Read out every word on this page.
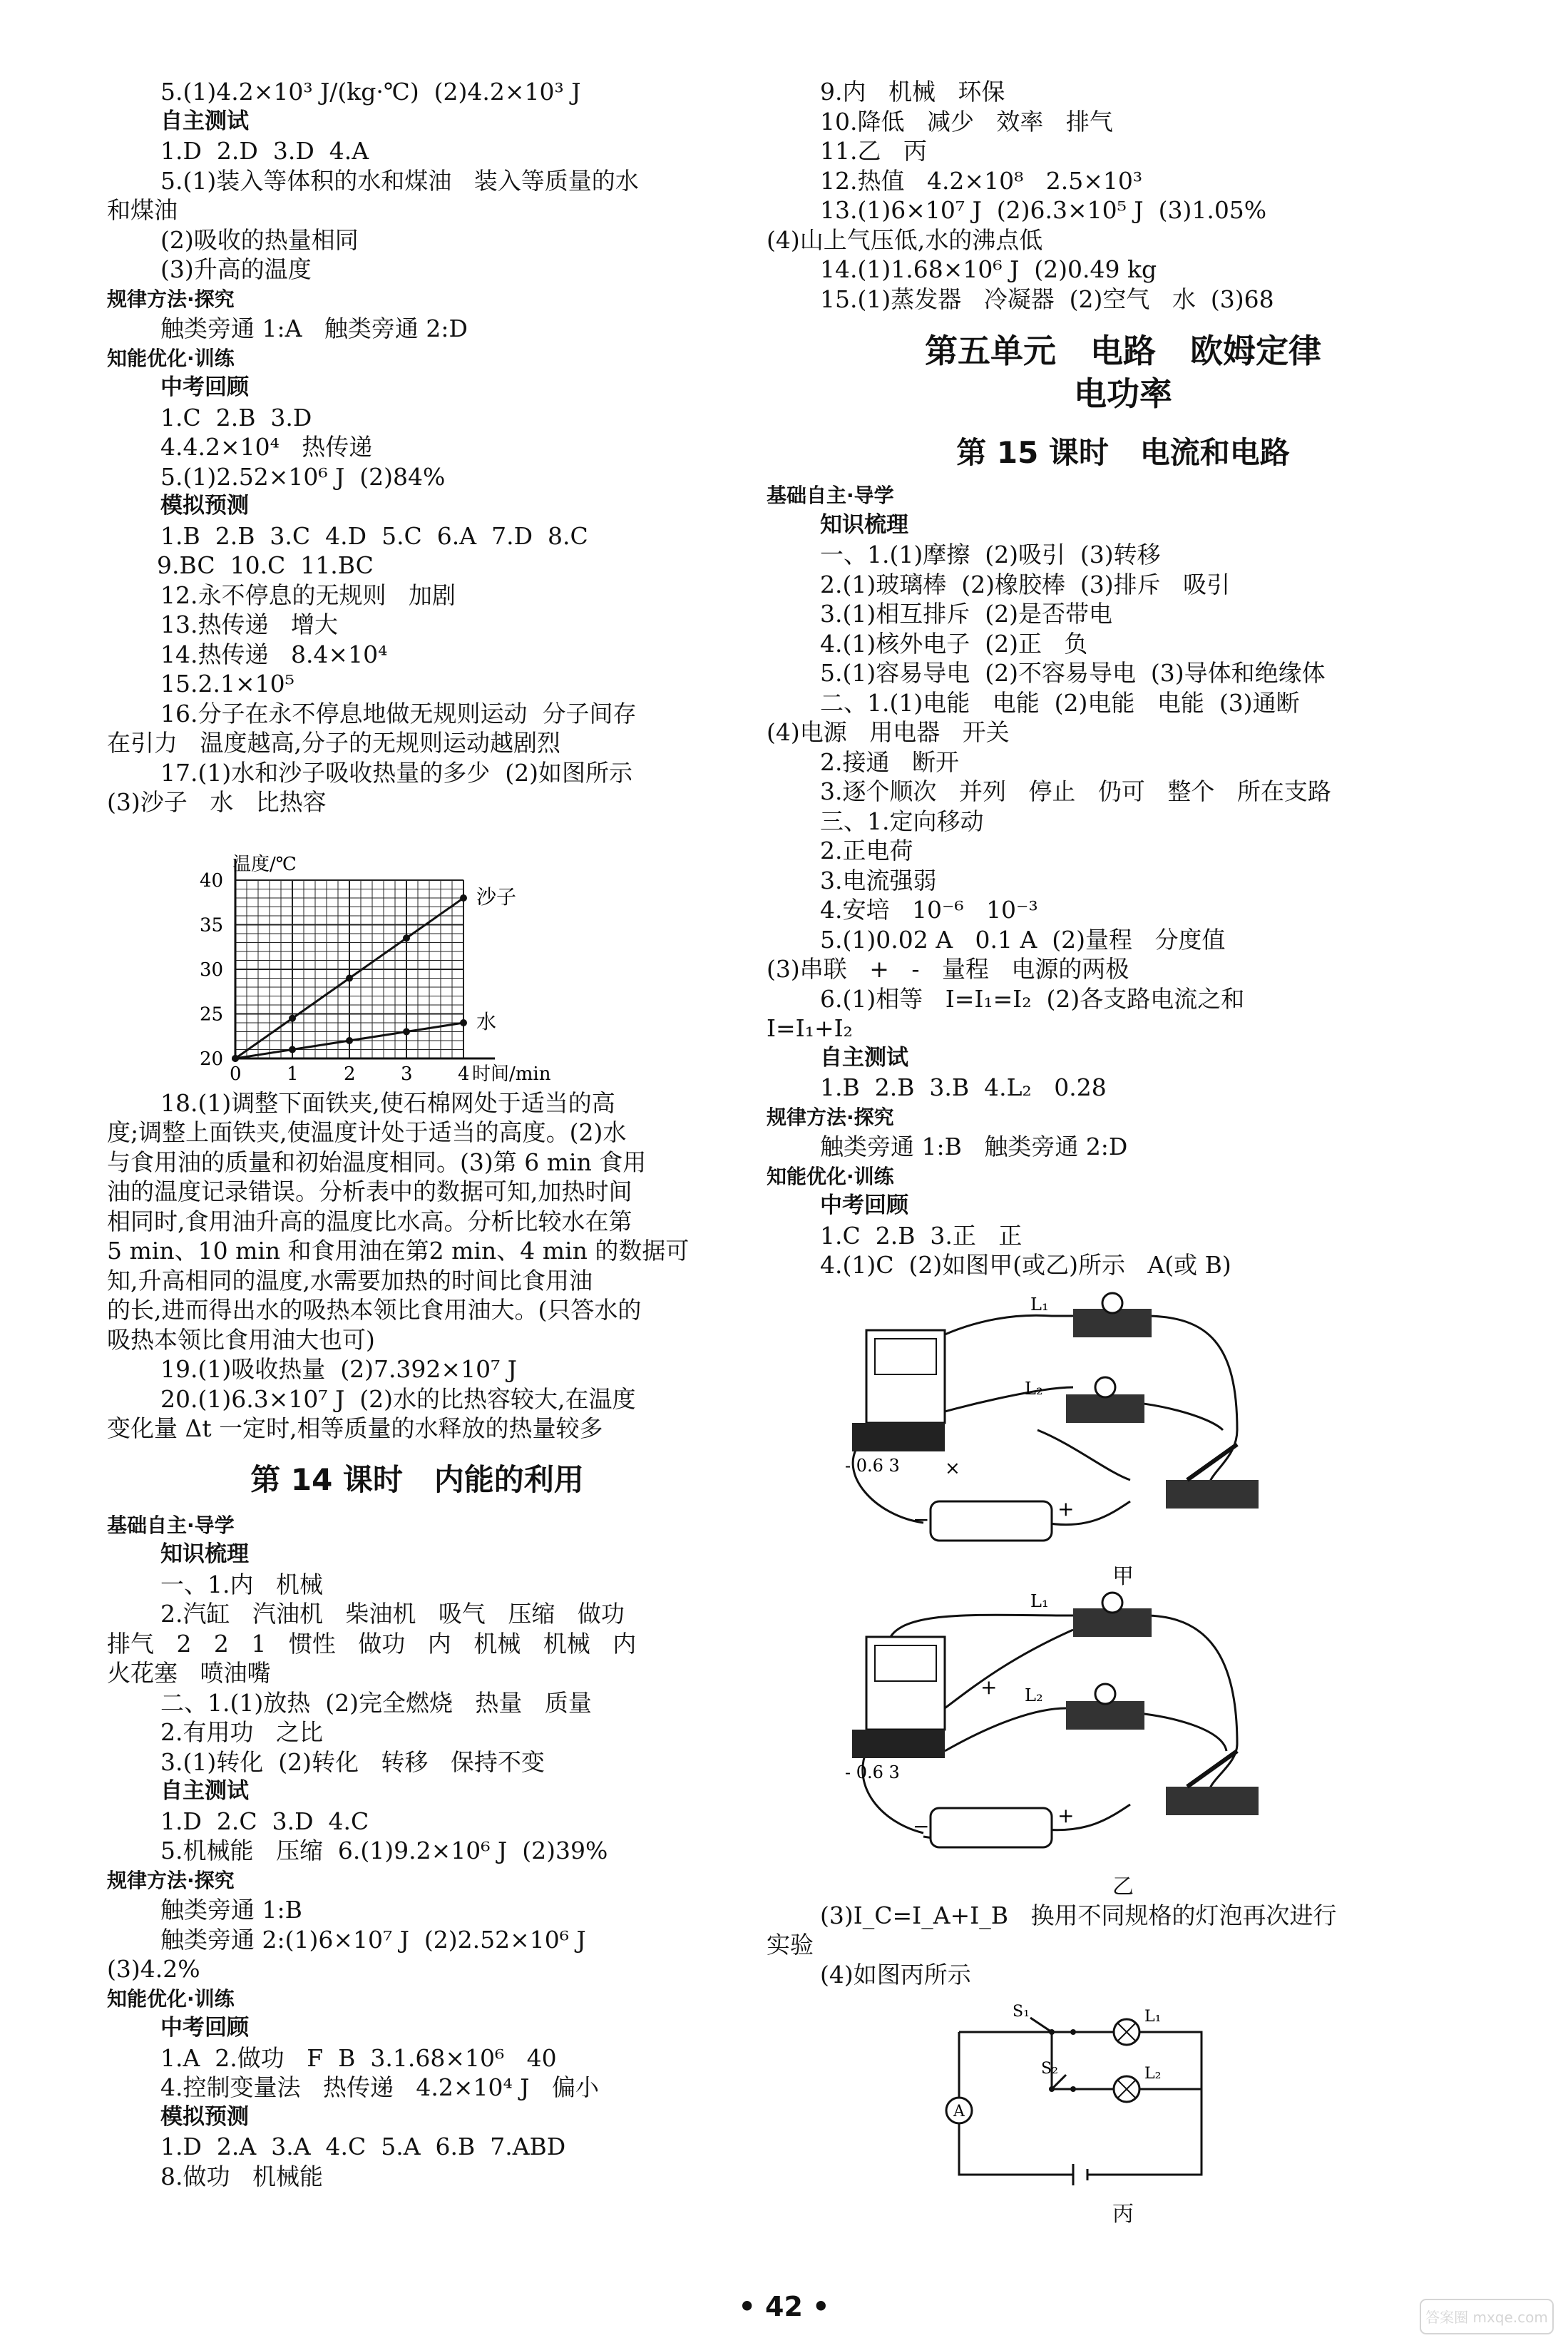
5.(1)4.2×10³ J/(kg·℃)  (2)4.2×10³ J
自主测试
1.D  2.D  3.D  4.A
5.(1)装入等体积的水和煤油   装入等质量的水
和煤油
(2)吸收的热量相同
(3)升高的温度
规律方法·探究
触类旁通 1:A   触类旁通 2:D
知能优化·训练
中考回顾
1.C  2.B  3.D
4.4.2×10⁴   热传递
5.(1)2.52×10⁶ J  (2)84%
模拟预测
1.B  2.B  3.C  4.D  5.C  6.A  7.D  8.C
9.BC  10.C  11.BC
12.永不停息的无规则   加剧
13.热传递   增大
14.热传递   8.4×10⁴
15.2.1×10⁵
16.分子在永不停息地做无规则运动  分子间存
在引力   温度越高,分子的无规则运动越剧烈
17.(1)水和沙子吸收热量的多少  (2)如图所示
(3)沙子   水   比热容
0 1 2 3 4
20
25
30
35
40
温度/℃
时间/min
沙子
水
18.(1)调整下面铁夹,使石棉网处于适当的高
度;调整上面铁夹,使温度计处于适当的高度。(2)水
与食用油的质量和初始温度相同。(3)第 6 min 食用
油的温度记录错误。分析表中的数据可知,加热时间
相同时,食用油升高的温度比水高。分析比较水在第
5 min、10 min 和食用油在第2 min、4 min 的数据可
知,升高相同的温度,水需要加热的时间比食用油
的长,进而得出水的吸热本领比食用油大。(只答水的
吸热本领比食用油大也可)
19.(1)吸收热量  (2)7.392×10⁷ J
20.(1)6.3×10⁷ J  (2)水的比热容较大,在温度
变化量 Δt 一定时,相等质量的水释放的热量较多
第 14 课时   内能的利用
基础自主·导学
知识梳理
一、1.内   机械
2.汽缸   汽油机   柴油机   吸气   压缩   做功
排气   2   2   1   惯性   做功   内   机械   机械   内
火花塞   喷油嘴
二、1.(1)放热  (2)完全燃烧   热量   质量
2.有用功   之比
3.(1)转化  (2)转化   转移   保持不变
自主测试
1.D  2.C  3.D  4.C
5.机械能   压缩  6.(1)9.2×10⁶ J  (2)39%
规律方法·探究
触类旁通 1:B
触类旁通 2:(1)6×10⁷ J  (2)2.52×10⁶ J
(3)4.2%
知能优化·训练
中考回顾
1.A  2.做功   F  B  3.1.68×10⁶   40
4.控制变量法   热传递   4.2×10⁴ J   偏小
模拟预测
1.D  2.A  3.A  4.C  5.A  6.B  7.ABD
8.做功   机械能
9.内   机械   环保
10.降低   减少   效率   排气
11.乙   丙
12.热值   4.2×10⁸   2.5×10³
13.(1)6×10⁷ J  (2)6.3×10⁵ J  (3)1.05%
(4)山上气压低,水的沸点低
14.(1)1.68×10⁶ J  (2)0.49 kg
15.(1)蒸发器   冷凝器  (2)空气   水  (3)68
第五单元   电路   欧姆定律
电功率
第 15 课时   电流和电路
基础自主·导学
知识梳理
一、1.(1)摩擦  (2)吸引  (3)转移
2.(1)玻璃棒  (2)橡胶棒  (3)排斥   吸引
3.(1)相互排斥  (2)是否带电
4.(1)核外电子  (2)正   负
5.(1)容易导电  (2)不容易导电  (3)导体和绝缘体
二、1.(1)电能   电能  (2)电能   电能  (3)通断
(4)电源   用电器   开关
2.接通   断开
3.逐个顺次   并列   停止   仍可   整个   所在支路
三、1.定向移动
2.正电荷
3.电流强弱
4.安培   10⁻⁶   10⁻³
5.(1)0.02 A   0.1 A  (2)量程   分度值
(3)串联   +   -   量程   电源的两极
6.(1)相等   I=I₁=I₂  (2)各支路电流之和
I=I₁+I₂
自主测试
1.B  2.B  3.B  4.L₂   0.28
规律方法·探究
触类旁通 1:B   触类旁通 2:D
知能优化·训练
中考回顾
1.C  2.B  3.正   正
4.(1)C  (2)如图甲(或乙)所示   A(或 B)
L₁
L₂
- 0.6 3 ×
−	+
甲
L₁
L₂
- 0.6 3
+
−	+
乙
(3)I_C=I_A+I_B   换用不同规格的灯泡再次进行
实验
(4)如图丙所示
A
S₁
S₂
L₁
L₂
丙
• 42 •	答案圈 mxqe.com
